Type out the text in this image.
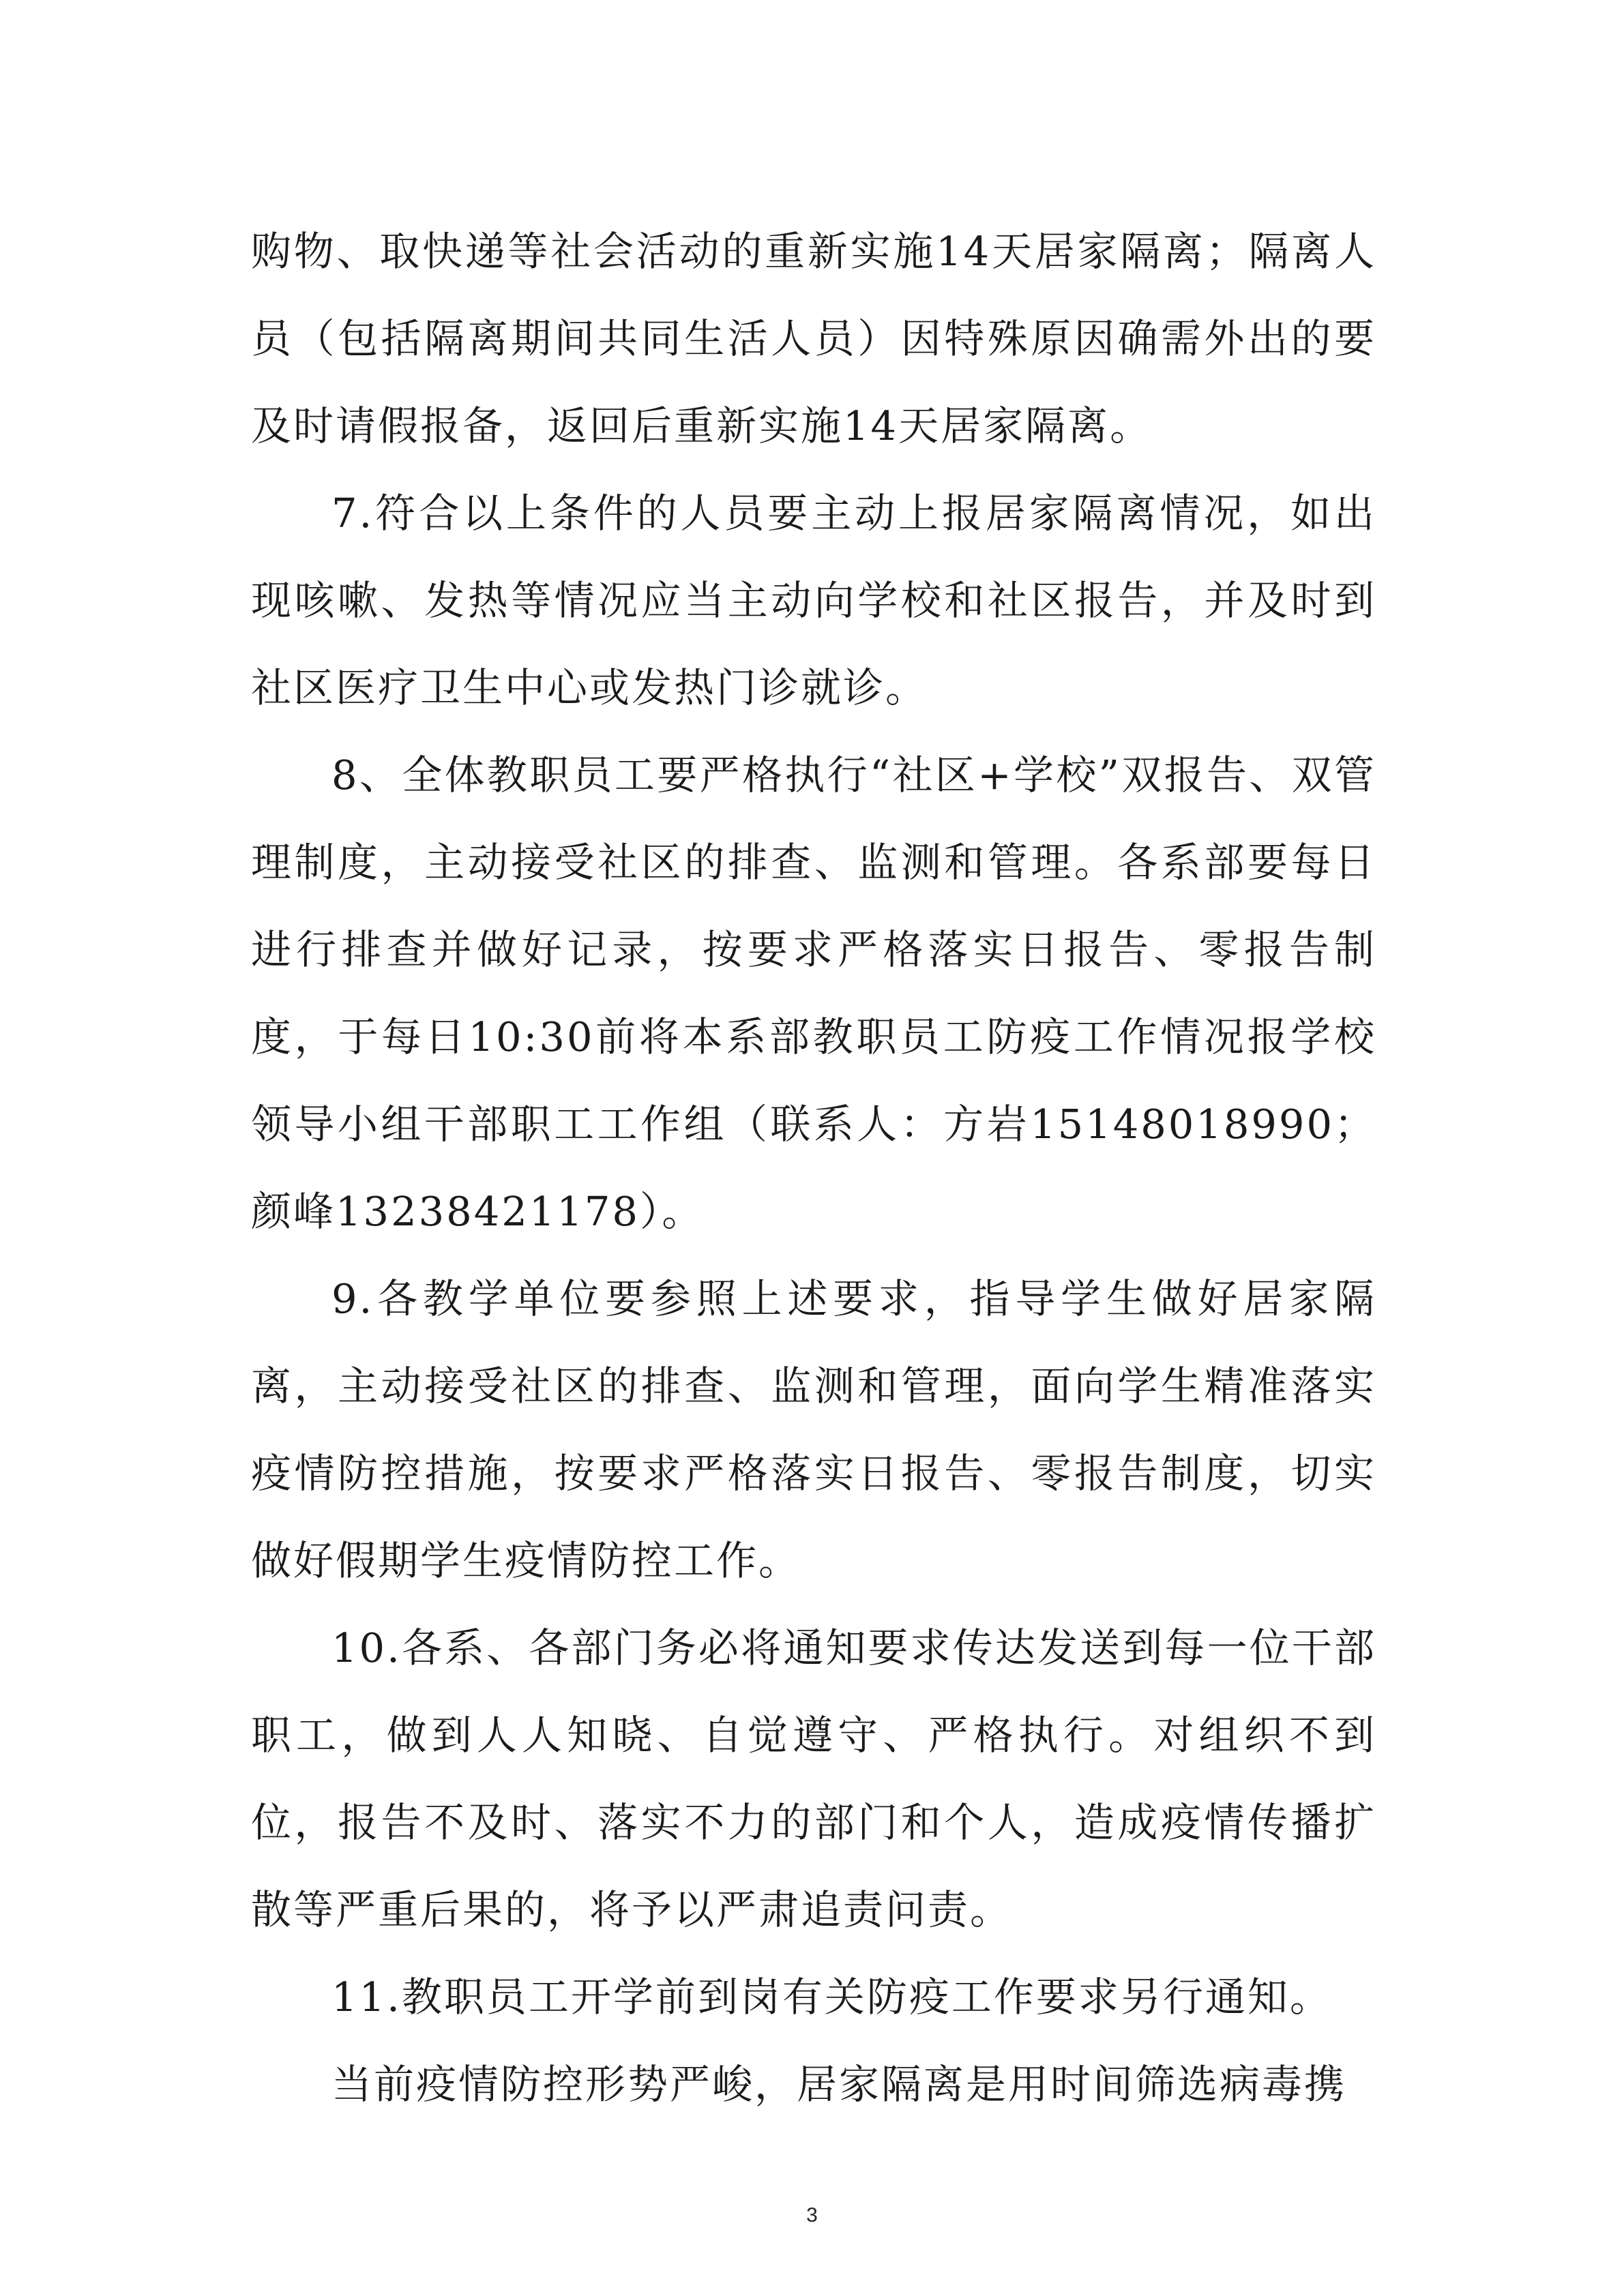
购物、取快递等社会活动的重新实施14天居家隔离；隔离人员（包括隔离期间共同生活人员）因特殊原因确需外出的要及时请假报备，返回后重新实施14天居家隔离。

7.符合以上条件的人员要主动上报居家隔离情况，如出现咳嗽、发热等情况应当主动向学校和社区报告，并及时到社区医疗卫生中心或发热门诊就诊。

8、全体教职员工要严格执行“社区+学校”双报告、双管理制度，主动接受社区的排查、监测和管理。各系部要每日进行排查并做好记录，按要求严格落实日报告、零报告制度，于每日10:30前将本系部教职员工防疫工作情况报学校领导小组干部职工工作组（联系人：方岩15148018990；颜峰13238421178）。

9.各教学单位要参照上述要求，指导学生做好居家隔离，主动接受社区的排查、监测和管理，面向学生精准落实疫情防控措施，按要求严格落实日报告、零报告制度，切实做好假期学生疫情防控工作。

10.各系、各部门务必将通知要求传达发送到每一位干部职工，做到人人知晓、自觉遵守、严格执行。对组织不到位，报告不及时、落实不力的部门和个人，造成疫情传播扩散等严重后果的，将予以严肃追责问责。

11.教职员工开学前到岗有关防疫工作要求另行通知。

当前疫情防控形势严峻，居家隔离是用时间筛选病毒携

3
